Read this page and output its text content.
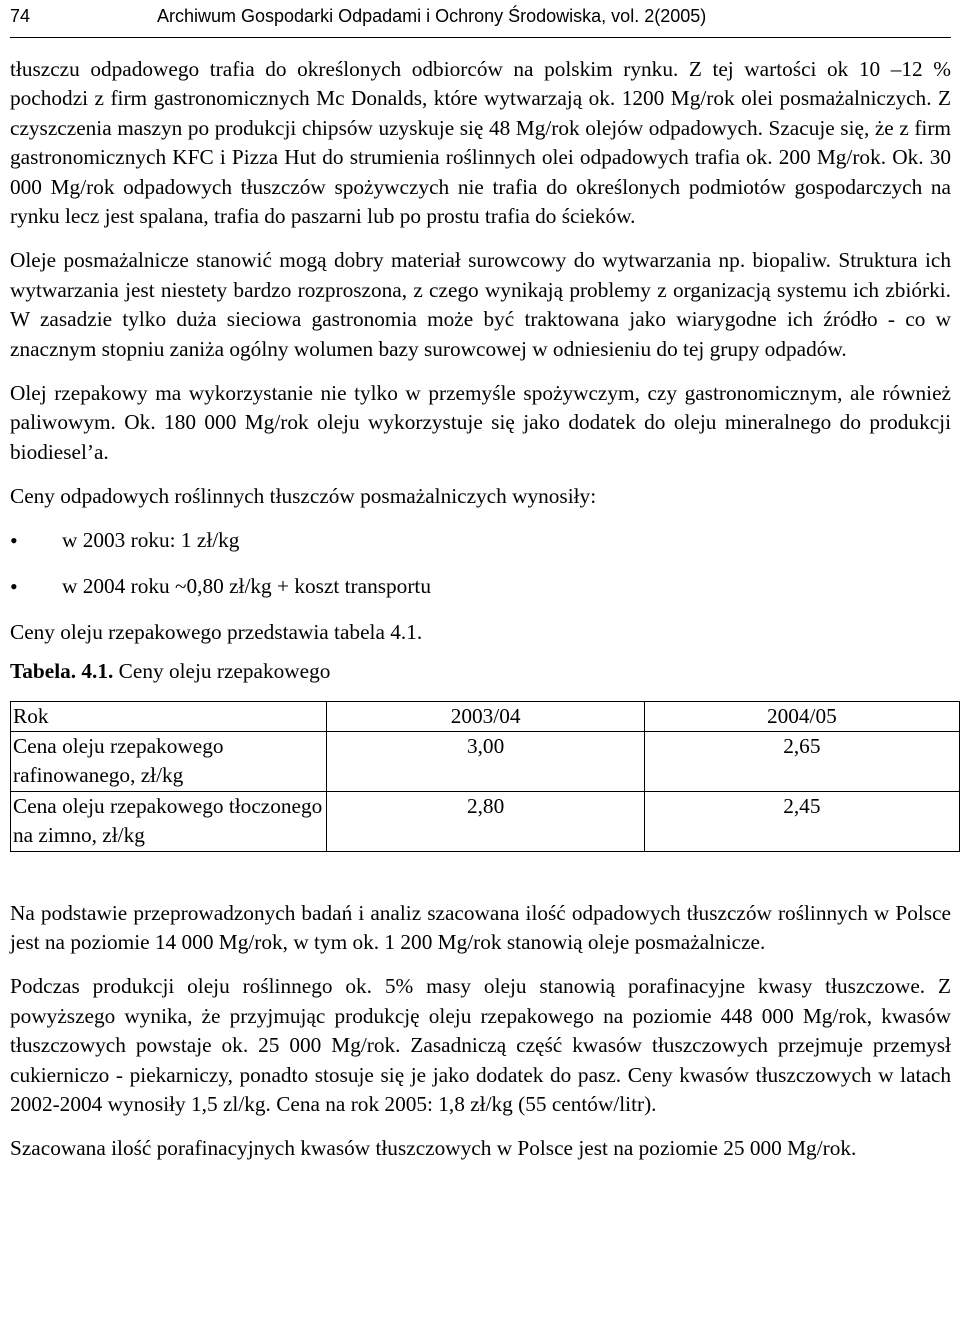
74	Archiwum Gospodarki Odpadami i Ochrony Środowiska, vol. 2(2005)

tłuszczu odpadowego trafia do określonych odbiorców na polskim rynku. Z tej wartości ok 10 –12 % pochodzi z firm gastronomicznych Mc Donalds, które wytwarzają ok. 1200 Mg/rok olei posmażalniczych. Z czyszczenia maszyn po produkcji chipsów uzyskuje się 48 Mg/rok olejów odpadowych. Szacuje się, że z firm gastronomicznych KFC i Pizza Hut do strumienia roślinnych olei odpadowych trafia ok. 200 Mg/rok. Ok. 30 000 Mg/rok odpadowych tłuszczów spożywczych nie trafia do określonych podmiotów gospodarczych na rynku lecz jest spalana, trafia do paszarni lub po prostu trafia do ścieków.

Oleje posmażalnicze stanowić mogą dobry materiał surowcowy do wytwarzania np. biopaliw. Struktura ich wytwarzania jest niestety bardzo rozproszona, z czego wynikają problemy z organizacją systemu ich zbiórki. W zasadzie tylko duża sieciowa gastronomia może być traktowana jako wiarygodne ich źródło - co w znacznym stopniu zaniża ogólny wolumen bazy surowcowej w odniesieniu do tej grupy odpadów.

Olej rzepakowy ma wykorzystanie nie tylko w przemyśle spożywczym, czy gastronomicznym, ale również paliwowym. Ok. 180 000 Mg/rok oleju wykorzystuje się jako dodatek do oleju mineralnego do produkcji biodiesel’a.

Ceny odpadowych roślinnych tłuszczów posmażalniczych wynosiły:

• w 2003 roku: 1 zł/kg
• w 2004 roku ~0,80 zł/kg + koszt transportu

Ceny oleju rzepakowego przedstawia tabela 4.1.

Tabela. 4.1. Ceny oleju rzepakowego

Rok	2003/04	2004/05
Cena oleju rzepakowego rafinowanego, zł/kg	3,00	2,65
Cena oleju rzepakowego tłoczonego na zimno, zł/kg	2,80	2,45

Na podstawie przeprowadzonych badań i analiz szacowana ilość odpadowych tłuszczów roślinnych w Polsce jest na poziomie 14 000 Mg/rok, w tym ok. 1 200 Mg/rok stanowią oleje posmażalnicze.

Podczas produkcji oleju roślinnego ok. 5% masy oleju stanowią porafinacyjne kwasy tłuszczowe. Z powyższego wynika, że przyjmując produkcję oleju rzepakowego na poziomie 448 000 Mg/rok, kwasów tłuszczowych powstaje ok. 25 000 Mg/rok. Zasadniczą część kwasów tłuszczowych przejmuje przemysł cukierniczo - piekarniczy, ponadto stosuje się je jako dodatek do pasz. Ceny kwasów tłuszczowych w latach 2002-2004 wynosiły 1,5 zl/kg. Cena na rok 2005: 1,8 zł/kg (55 centów/litr).

Szacowana ilość porafinacyjnych kwasów tłuszczowych w Polsce jest na poziomie 25 000 Mg/rok.
